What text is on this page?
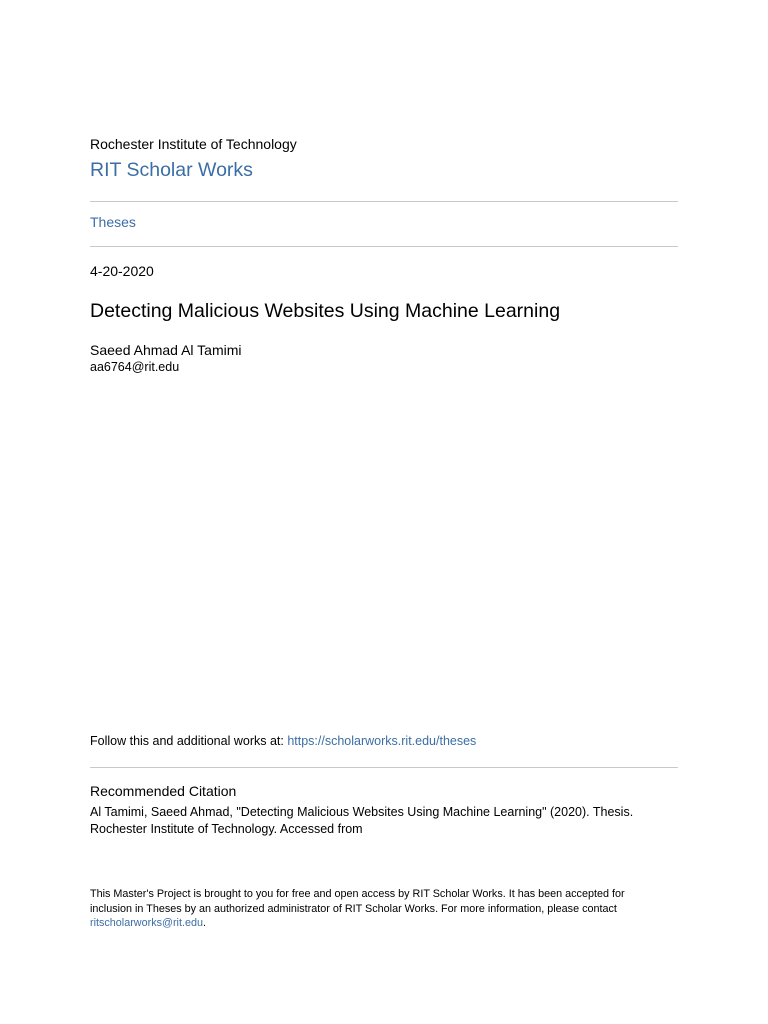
Rochester Institute of Technology
RIT Scholar Works
Theses
4-20-2020
Detecting Malicious Websites Using Machine Learning
Saeed Ahmad Al Tamimi
aa6764@rit.edu
Follow this and additional works at: https://scholarworks.rit.edu/theses
Recommended Citation
Al Tamimi, Saeed Ahmad, "Detecting Malicious Websites Using Machine Learning" (2020). Thesis.
Rochester Institute of Technology. Accessed from
This Master's Project is brought to you for free and open access by RIT Scholar Works. It has been accepted for
inclusion in Theses by an authorized administrator of RIT Scholar Works. For more information, please contact
ritscholarworks@rit.edu.
